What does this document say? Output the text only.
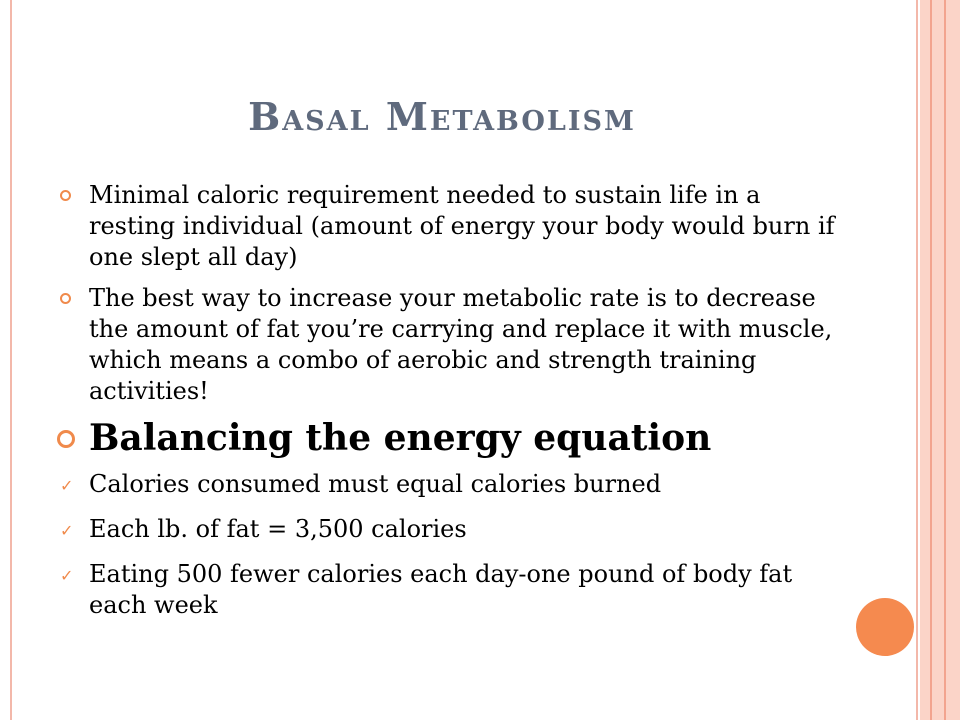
Basal Metabolism
Minimal caloric requirement needed to sustain life in a resting individual (amount of energy your body would burn if one slept all day)
The best way to increase your metabolic rate is to decrease the amount of fat you’re carrying and replace it with muscle, which means a combo of aerobic and strength training activities!
Balancing the energy equation
✓ Calories consumed must equal calories burned
✓ Each lb. of fat = 3,500 calories
✓ Eating 500 fewer calories each day-one pound of body fat each week
